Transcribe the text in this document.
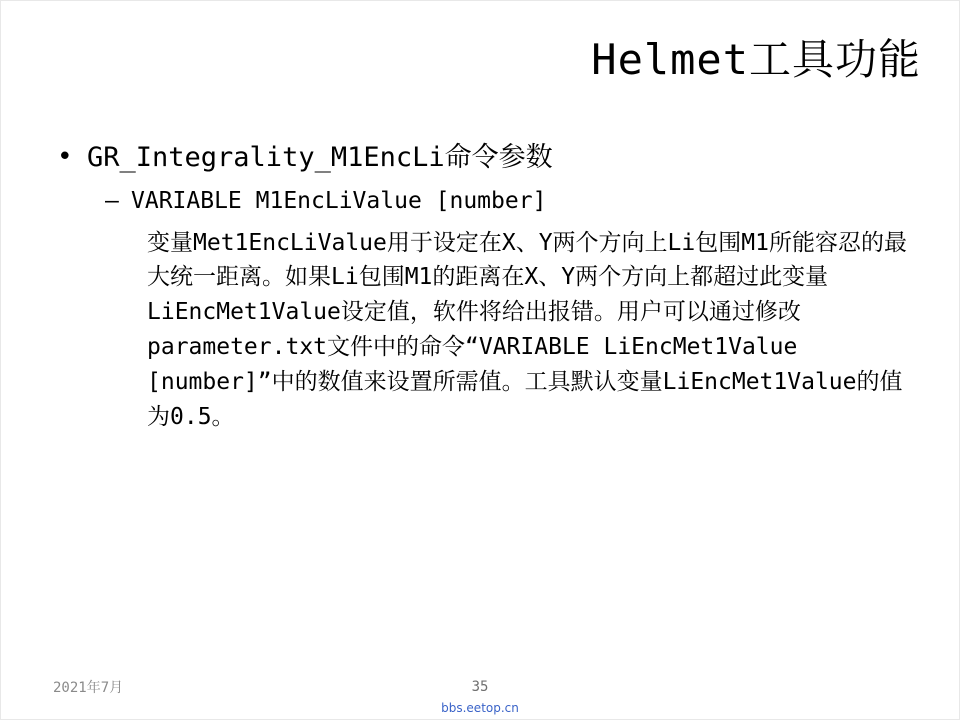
Helmet工具功能
• GR_Integrality_M1EncLi命令参数
– VARIABLE M1EncLiValue [number]
变量Met1EncLiValue用于设定在X、Y两个方向上Li包围M1所能容忍的最大统一距离。如果Li包围M1的距离在X、Y两个方向上都超过此变量LiEncMet1Value设定值，软件将给出报错。用户可以通过修改parameter.txt文件中的命令“VARIABLE LiEncMet1Value [number]”中的数值来设置所需值。工具默认变量LiEncMet1Value的值为0.5。
2021年7月	35
bbs.eetop.cn
